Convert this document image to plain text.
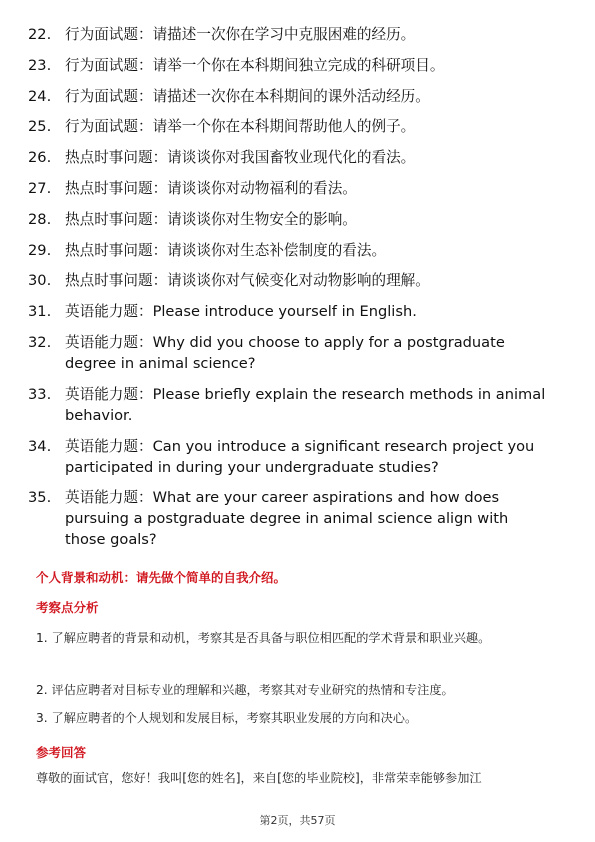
22. 行为面试题：请描述一次你在学习中克服困难的经历。
23. 行为面试题：请举一个你在本科期间独立完成的科研项目。
24. 行为面试题：请描述一次你在本科期间的课外活动经历。
25. 行为面试题：请举一个你在本科期间帮助他人的例子。
26. 热点时事问题：请谈谈你对我国畜牧业现代化的看法。
27. 热点时事问题：请谈谈你对动物福利的看法。
28. 热点时事问题：请谈谈你对生物安全的影响。
29. 热点时事问题：请谈谈你对生态补偿制度的看法。
30. 热点时事问题：请谈谈你对气候变化对动物影响的理解。
31. 英语能力题：Please introduce yourself in English.
32. 英语能力题：Why did you choose to apply for a postgraduate degree in animal science?
33. 英语能力题：Please briefly explain the research methods in animal behavior.
34. 英语能力题：Can you introduce a significant research project you participated in during your undergraduate studies?
35. 英语能力题：What are your career aspirations and how does pursuing a postgraduate degree in animal science align with those goals?
个人背景和动机：请先做个简单的自我介绍。
考察点分析
1. 了解应聘者的背景和动机，考察其是否具备与职位相匹配的学术背景和职业兴趣。
2. 评估应聘者对目标专业的理解和兴趣，考察其对专业研究的热情和专注度。
3. 了解应聘者的个人规划和发展目标，考察其职业发展的方向和决心。
参考回答
尊敬的面试官，您好！我叫[您的姓名]，来自[您的毕业院校]，非常荣幸能够参加江
第2页，共57页
